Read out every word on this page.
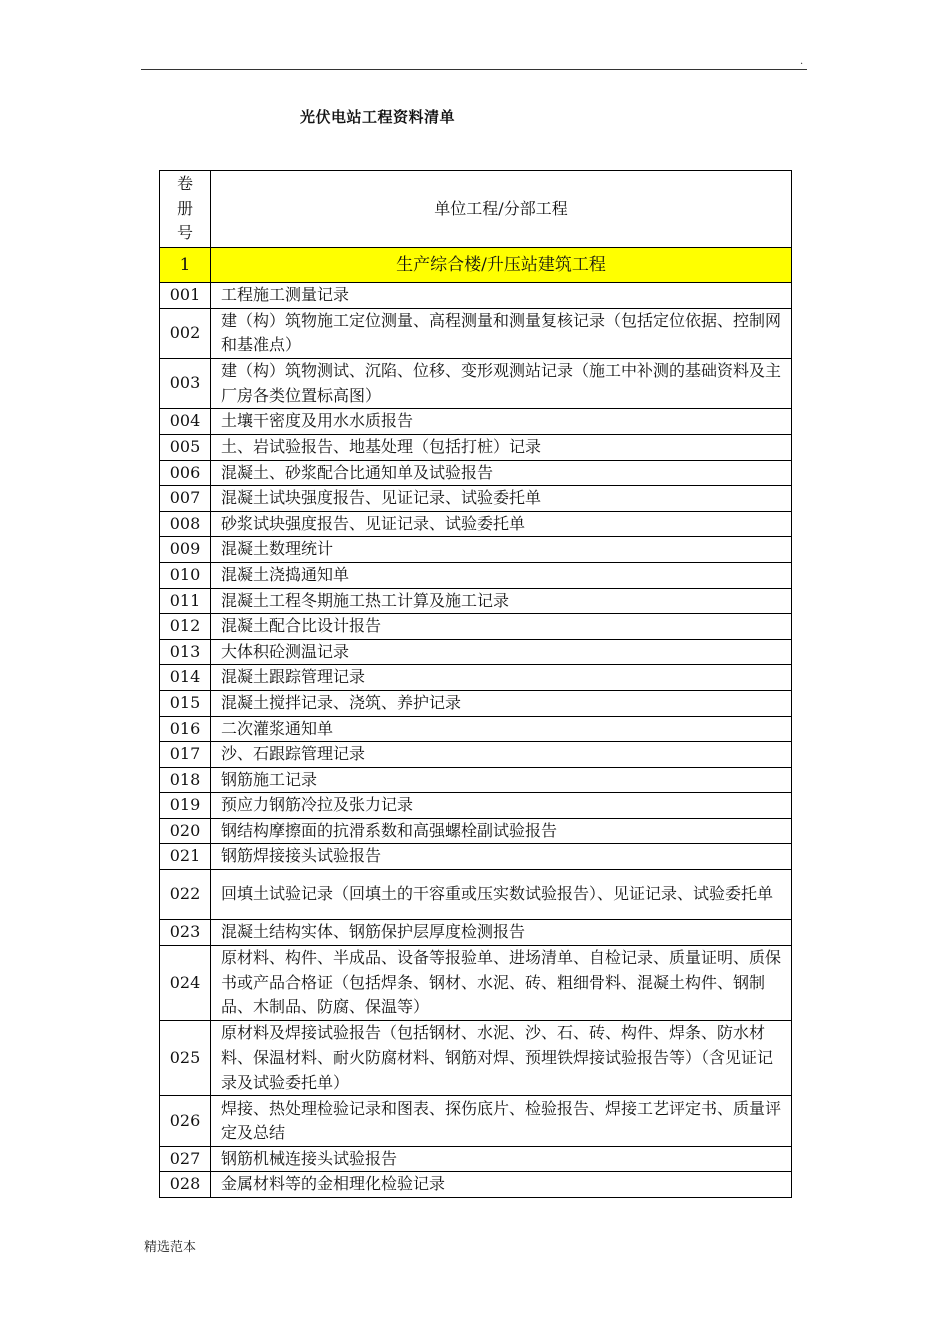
.
光伏电站工程资料清单
卷
册
号	单位工程/分部工程
1	生产综合楼/升压站建筑工程
001	工程施工测量记录
002	建（构）筑物施工定位测量、高程测量和测量复核记录（包括定位依据、控制网和基准点）
003	建（构）筑物测试、沉陷、位移、变形观测站记录（施工中补测的基础资料及主厂房各类位置标高图）
004	土壤干密度及用水水质报告
005	土、岩试验报告、地基处理（包括打桩）记录
006	混凝土、砂浆配合比通知单及试验报告
007	混凝土试块强度报告、见证记录、试验委托单
008	砂浆试块强度报告、见证记录、试验委托单
009	混凝土数理统计
010	混凝土浇捣通知单
011	混凝土工程冬期施工热工计算及施工记录
012	混凝土配合比设计报告
013	大体积砼测温记录
014	混凝土跟踪管理记录
015	混凝土搅拌记录、浇筑、养护记录
016	二次灌浆通知单
017	沙、石跟踪管理记录
018	钢筋施工记录
019	预应力钢筋冷拉及张力记录
020	钢结构摩擦面的抗滑系数和高强螺栓副试验报告
021	钢筋焊接接头试验报告
022	回填土试验记录（回填土的干容重或压实数试验报告）、见证记录、试验委托单
023	混凝土结构实体、钢筋保护层厚度检测报告
024	原材料、构件、半成品、设备等报验单、进场清单、自检记录、质量证明、质保书或产品合格证（包括焊条、钢材、水泥、砖、粗细骨料、混凝土构件、钢制品、木制品、防腐、保温等）
025	原材料及焊接试验报告（包括钢材、水泥、沙、石、砖、构件、焊条、防水材料、保温材料、耐火防腐材料、钢筋对焊、预埋铁焊接试验报告等）（含见证记录及试验委托单）
026	焊接、热处理检验记录和图表、探伤底片、检验报告、焊接工艺评定书、质量评定及总结
027	钢筋机械连接头试验报告
028	金属材料等的金相理化检验记录
精选范本
